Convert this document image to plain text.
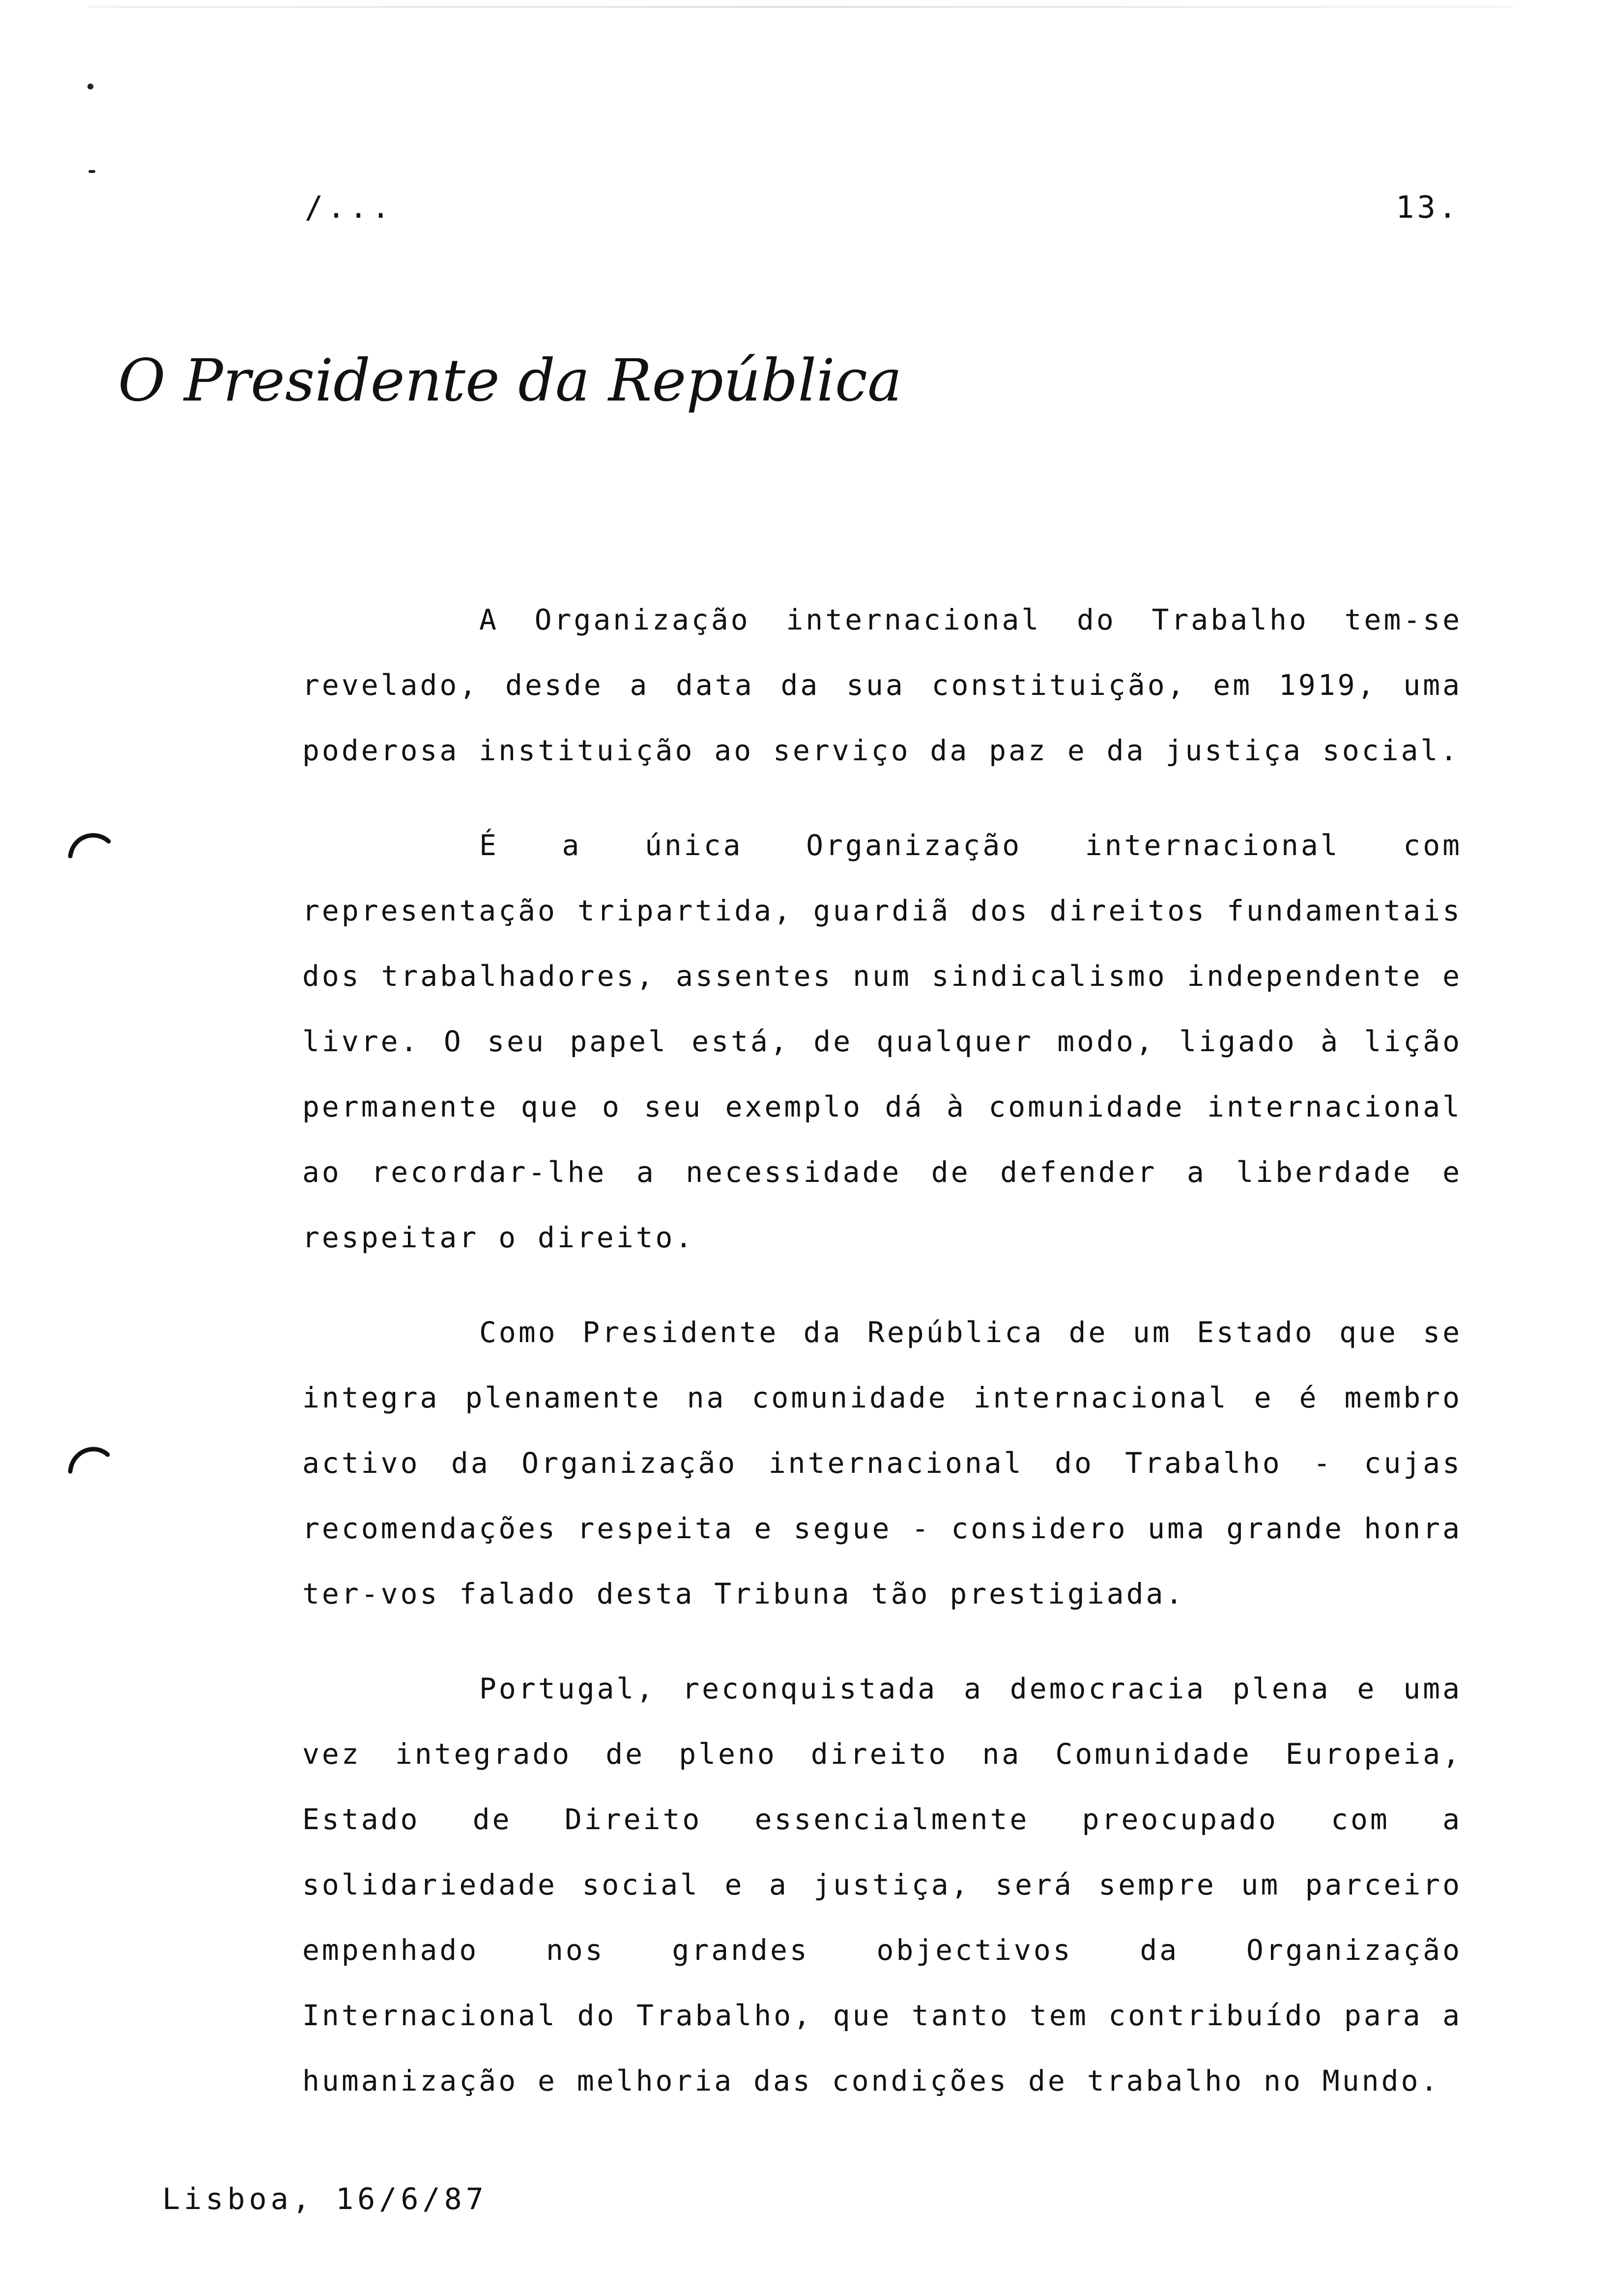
/...	13.
O Presidente da República

A Organização internacional do Trabalho tem-se revelado, desde a data da sua constituição, em 1919, uma poderosa instituição ao serviço da paz e da justiça social.

É a única Organização internacional com representação tripartida, guardiã dos direitos fundamentais dos trabalhadores, assentes num sindicalismo independente e livre. O seu papel está, de qualquer modo, ligado à lição permanente que o seu exemplo dá à comunidade internacional ao recordar-lhe a necessidade de defender a liberdade e respeitar o direito.

Como Presidente da República de um Estado que se integra plenamente na comunidade internacional e é membro activo da Organização internacional do Trabalho - cujas recomendações respeita e segue - considero uma grande honra ter-vos falado desta Tribuna tão prestigiada.

Portugal, reconquistada a democracia plena e uma vez integrado de pleno direito na Comunidade Europeia, Estado de Direito essencialmente preocupado com a solidariedade social e a justiça, será sempre um parceiro empenhado nos grandes objectivos da Organização Internacional do Trabalho, que tanto tem contribuído para a humanização e melhoria das condições de trabalho no Mundo.

Lisboa, 16/6/87
